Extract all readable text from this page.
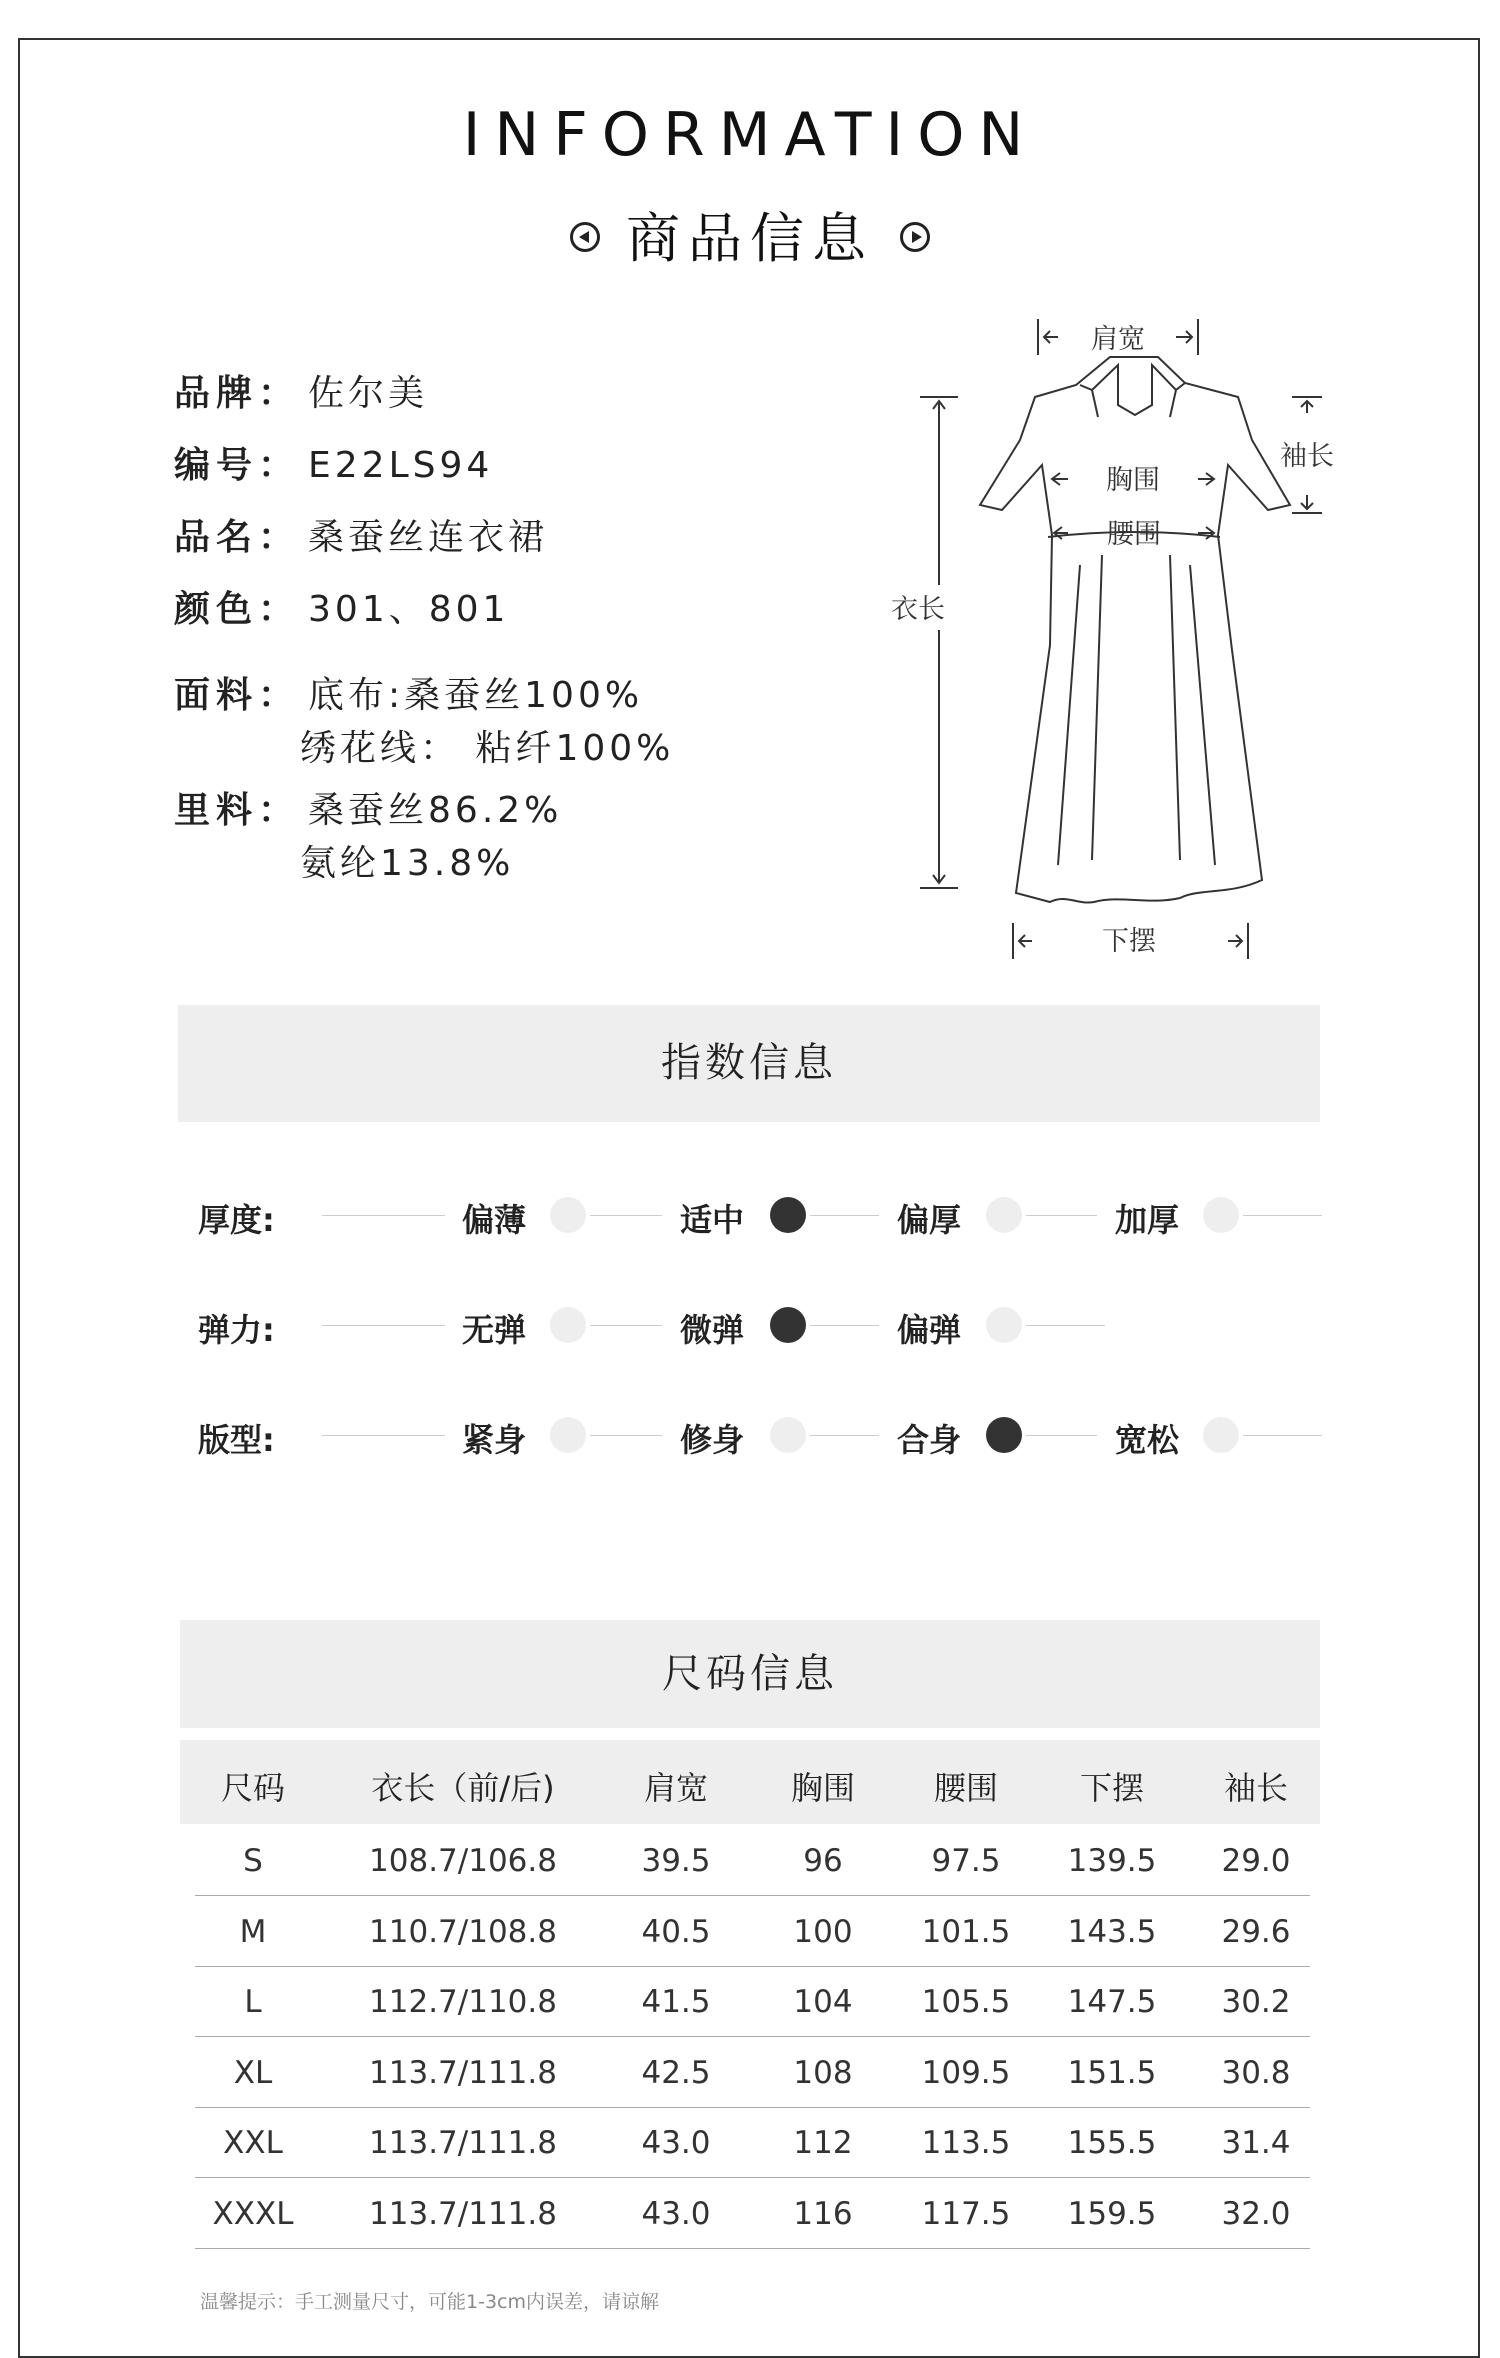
INFORMATION
商品信息
品牌： 佐尔美
编号： E22LS94
品名： 桑蚕丝连衣裙
颜色： 301、801
面料： 底布:桑蚕丝100%
绣花线： 粘纤100%
里料： 桑蚕丝86.2%
氨纶13.8%
肩宽
胸围
腰围
袖长
衣长
下摆
指数信息
厚度:	偏薄	适中	偏厚	加厚
弹力:	无弹	微弹	偏弹
版型:	紧身	修身	合身	宽松
尺码信息
尺码	衣长（前/后)	肩宽	胸围	腰围	下摆	袖长
S	108.7/106.8	39.5	96	97.5	139.5	29.0
M	110.7/108.8	40.5	100	101.5	143.5	29.6
L	112.7/110.8	41.5	104	105.5	147.5	30.2
XL	113.7/111.8	42.5	108	109.5	151.5	30.8
XXL	113.7/111.8	43.0	112	113.5	155.5	31.4
XXXL	113.7/111.8	43.0	116	117.5	159.5	32.0
温馨提示：手工测量尺寸，可能1-3cm内误差，请谅解
